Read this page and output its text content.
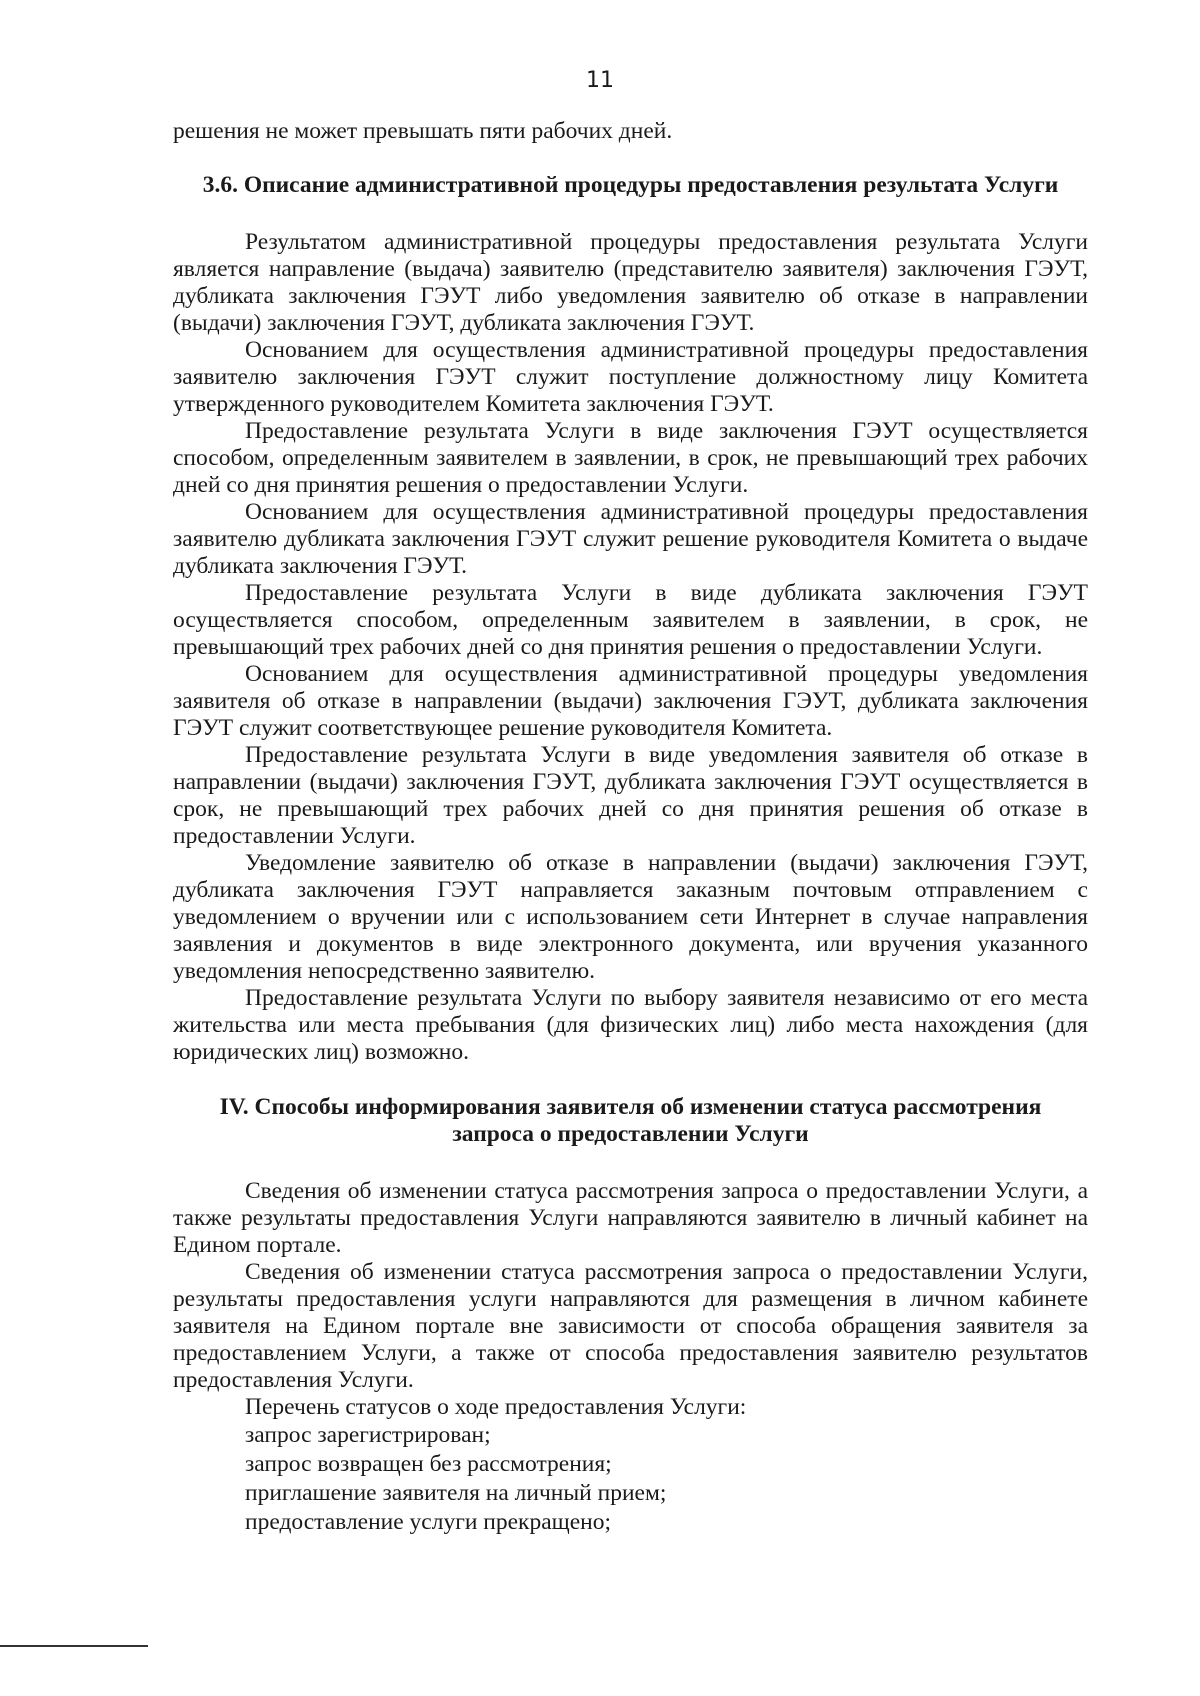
11

решения не может превышать пяти рабочих дней.

3.6. Описание административной процедуры предоставления результата Услуги

Результатом административной процедуры предоставления результата Услуги является направление (выдача) заявителю (представителю заявителя) заключения ГЭУТ, дубликата заключения ГЭУТ либо уведомления заявителю об отказе в направлении (выдачи) заключения ГЭУТ, дубликата заключения ГЭУТ.

Основанием для осуществления административной процедуры предоставления заявителю заключения ГЭУТ служит поступление должностному лицу Комитета утвержденного руководителем Комитета заключения ГЭУТ.

Предоставление результата Услуги в виде заключения ГЭУТ осуществляется способом, определенным заявителем в заявлении, в срок, не превышающий трех рабочих дней со дня принятия решения о предоставлении Услуги.

Основанием для осуществления административной процедуры предоставления заявителю дубликата заключения ГЭУТ служит решение руководителя Комитета о выдаче дубликата заключения ГЭУТ.

Предоставление результата Услуги в виде дубликата заключения ГЭУТ осуществляется способом, определенным заявителем в заявлении, в срок, не превышающий трех рабочих дней со дня принятия решения о предоставлении Услуги.

Основанием для осуществления административной процедуры уведомления заявителя об отказе в направлении (выдачи) заключения ГЭУТ, дубликата заключения ГЭУТ служит соответствующее решение руководителя Комитета.

Предоставление результата Услуги в виде уведомления заявителя об отказе в направлении (выдачи) заключения ГЭУТ, дубликата заключения ГЭУТ осуществляется в срок, не превышающий трех рабочих дней со дня принятия решения об отказе в предоставлении Услуги.

Уведомление заявителю об отказе в направлении (выдачи) заключения ГЭУТ, дубликата заключения ГЭУТ направляется заказным почтовым отправлением с уведомлением о вручении или с использованием сети Интернет в случае направления заявления и документов в виде электронного документа, или вручения указанного уведомления непосредственно заявителю.

Предоставление результата Услуги по выбору заявителя независимо от его места жительства или места пребывания (для физических лиц) либо места нахождения (для юридических лиц) возможно.

IV. Способы информирования заявителя об изменении статуса рассмотрения
запроса о предоставлении Услуги

Сведения об изменении статуса рассмотрения запроса о предоставлении Услуги, а также результаты предоставления Услуги направляются заявителю в личный кабинет на Едином портале.

Сведения об изменении статуса рассмотрения запроса о предоставлении Услуги, результаты предоставления услуги направляются для размещения в личном кабинете заявителя на Едином портале вне зависимости от способа обращения заявителя за предоставлением Услуги, а также от способа предоставления заявителю результатов предоставления Услуги.

Перечень статусов о ходе предоставления Услуги:

запрос зарегистрирован;
запрос возвращен без рассмотрения;
приглашение заявителя на личный прием;
предоставление услуги прекращено;
